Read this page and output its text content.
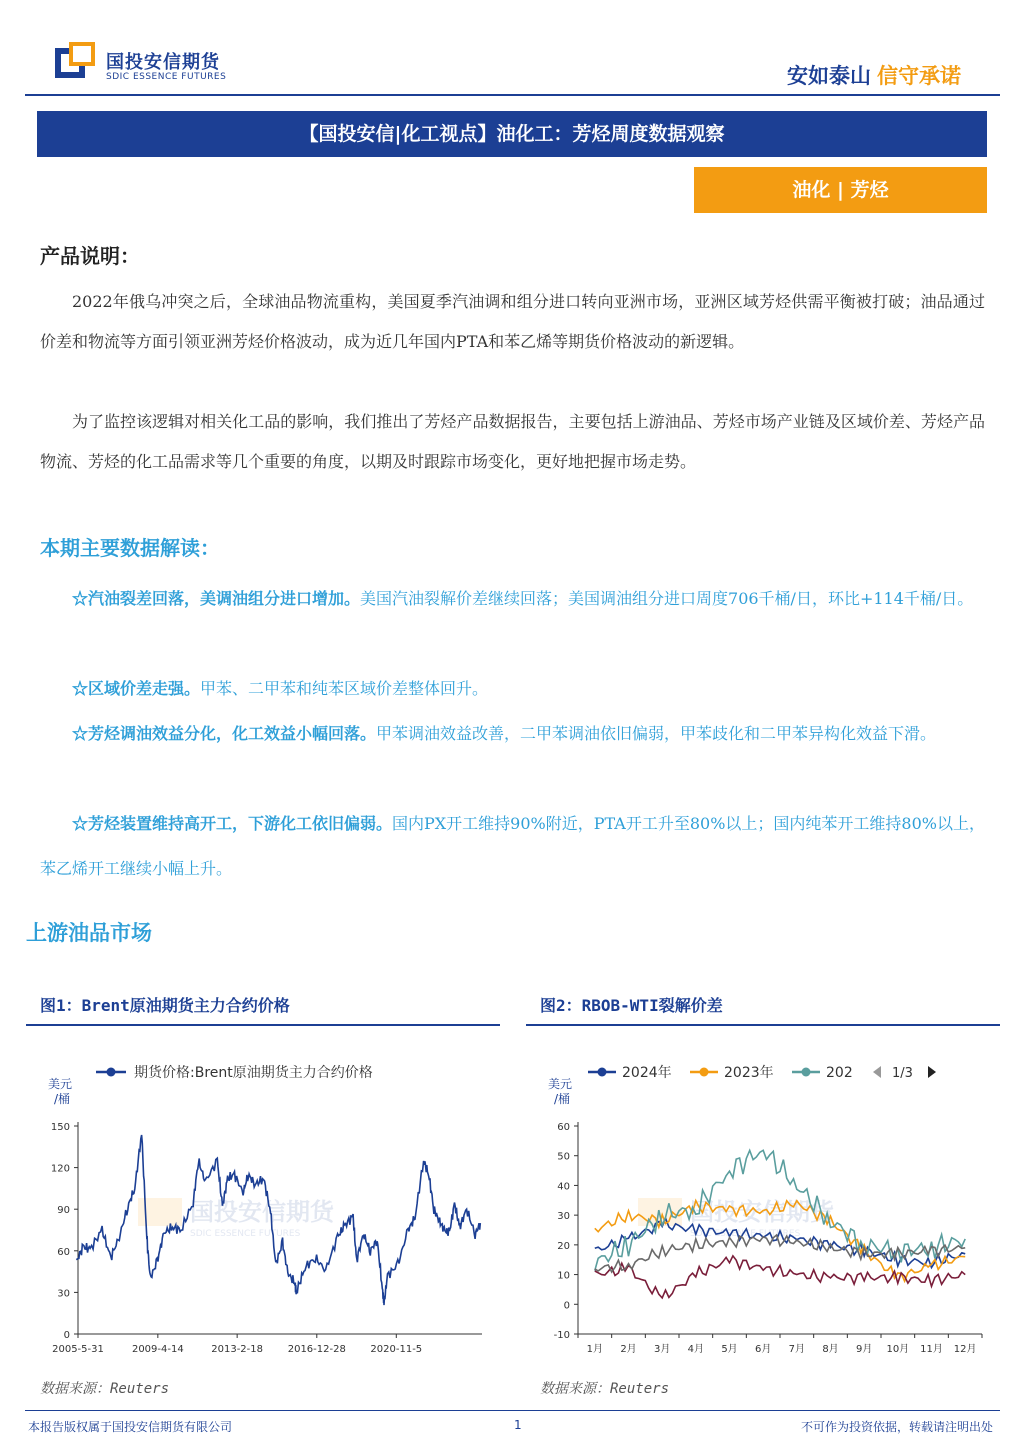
国投安信期货
SDIC ESSENCE FUTURES	安如泰山 信守承诺
【国投安信|化工视点】油化工：芳烃周度数据观察
油化 | 芳烃
产品说明：
2022年俄乌冲突之后，全球油品物流重构，美国夏季汽油调和组分进口转向亚洲市场，亚洲区域芳烃供需平衡被打破；油品通过价差和物流等方面引领亚洲芳烃价格波动，成为近几年国内PTA和苯乙烯等期货价格波动的新逻辑。
为了监控该逻辑对相关化工品的影响，我们推出了芳烃产品数据报告，主要包括上游油品、芳烃市场产业链及区域价差、芳烃产品物流、芳烃的化工品需求等几个重要的角度，以期及时跟踪市场变化，更好地把握市场走势。
本期主要数据解读：
☆汽油裂差回落，美调油组分进口增加。美国汽油裂解价差继续回落；美国调油组分进口周度706千桶/日，环比+114千桶/日。
☆区域价差走强。甲苯、二甲苯和纯苯区域价差整体回升。
☆芳烃调油效益分化，化工效益小幅回落。甲苯调油效益改善，二甲苯调油依旧偏弱，甲苯歧化和二甲苯异构化效益下滑。
☆芳烃装置维持高开工，下游化工依旧偏弱。国内PX开工维持90%附近，PTA开工升至80%以上；国内纯苯开工维持80%以上，苯乙烯开工继续小幅上升。
上游油品市场
图1：Brent原油期货主力合约价格	图2：RBOB-WTI裂解价差
期货价格:Brent原油期货主力合约价格
美元
/桶
0
30
60
90
120
150
2005-5-31	2009-4-14	2013-2-18 2016-12-28 2020-11-5
国投安信期货
SDIC ESSENCE FUTURES
2024年	2023年	202	1/3
美元
/桶
-10
0
10
20
30
40
50
60
1月 2月 3月 4月 5月 6月 7月 8月 9月 10月 11月 12月
国投安信期货
SDIC ESSENCE FUTURES
数据来源：Reuters	数据来源：Reuters
本报告版权属于国投安信期货有限公司	1	不可作为投资依据，转载请注明出处
